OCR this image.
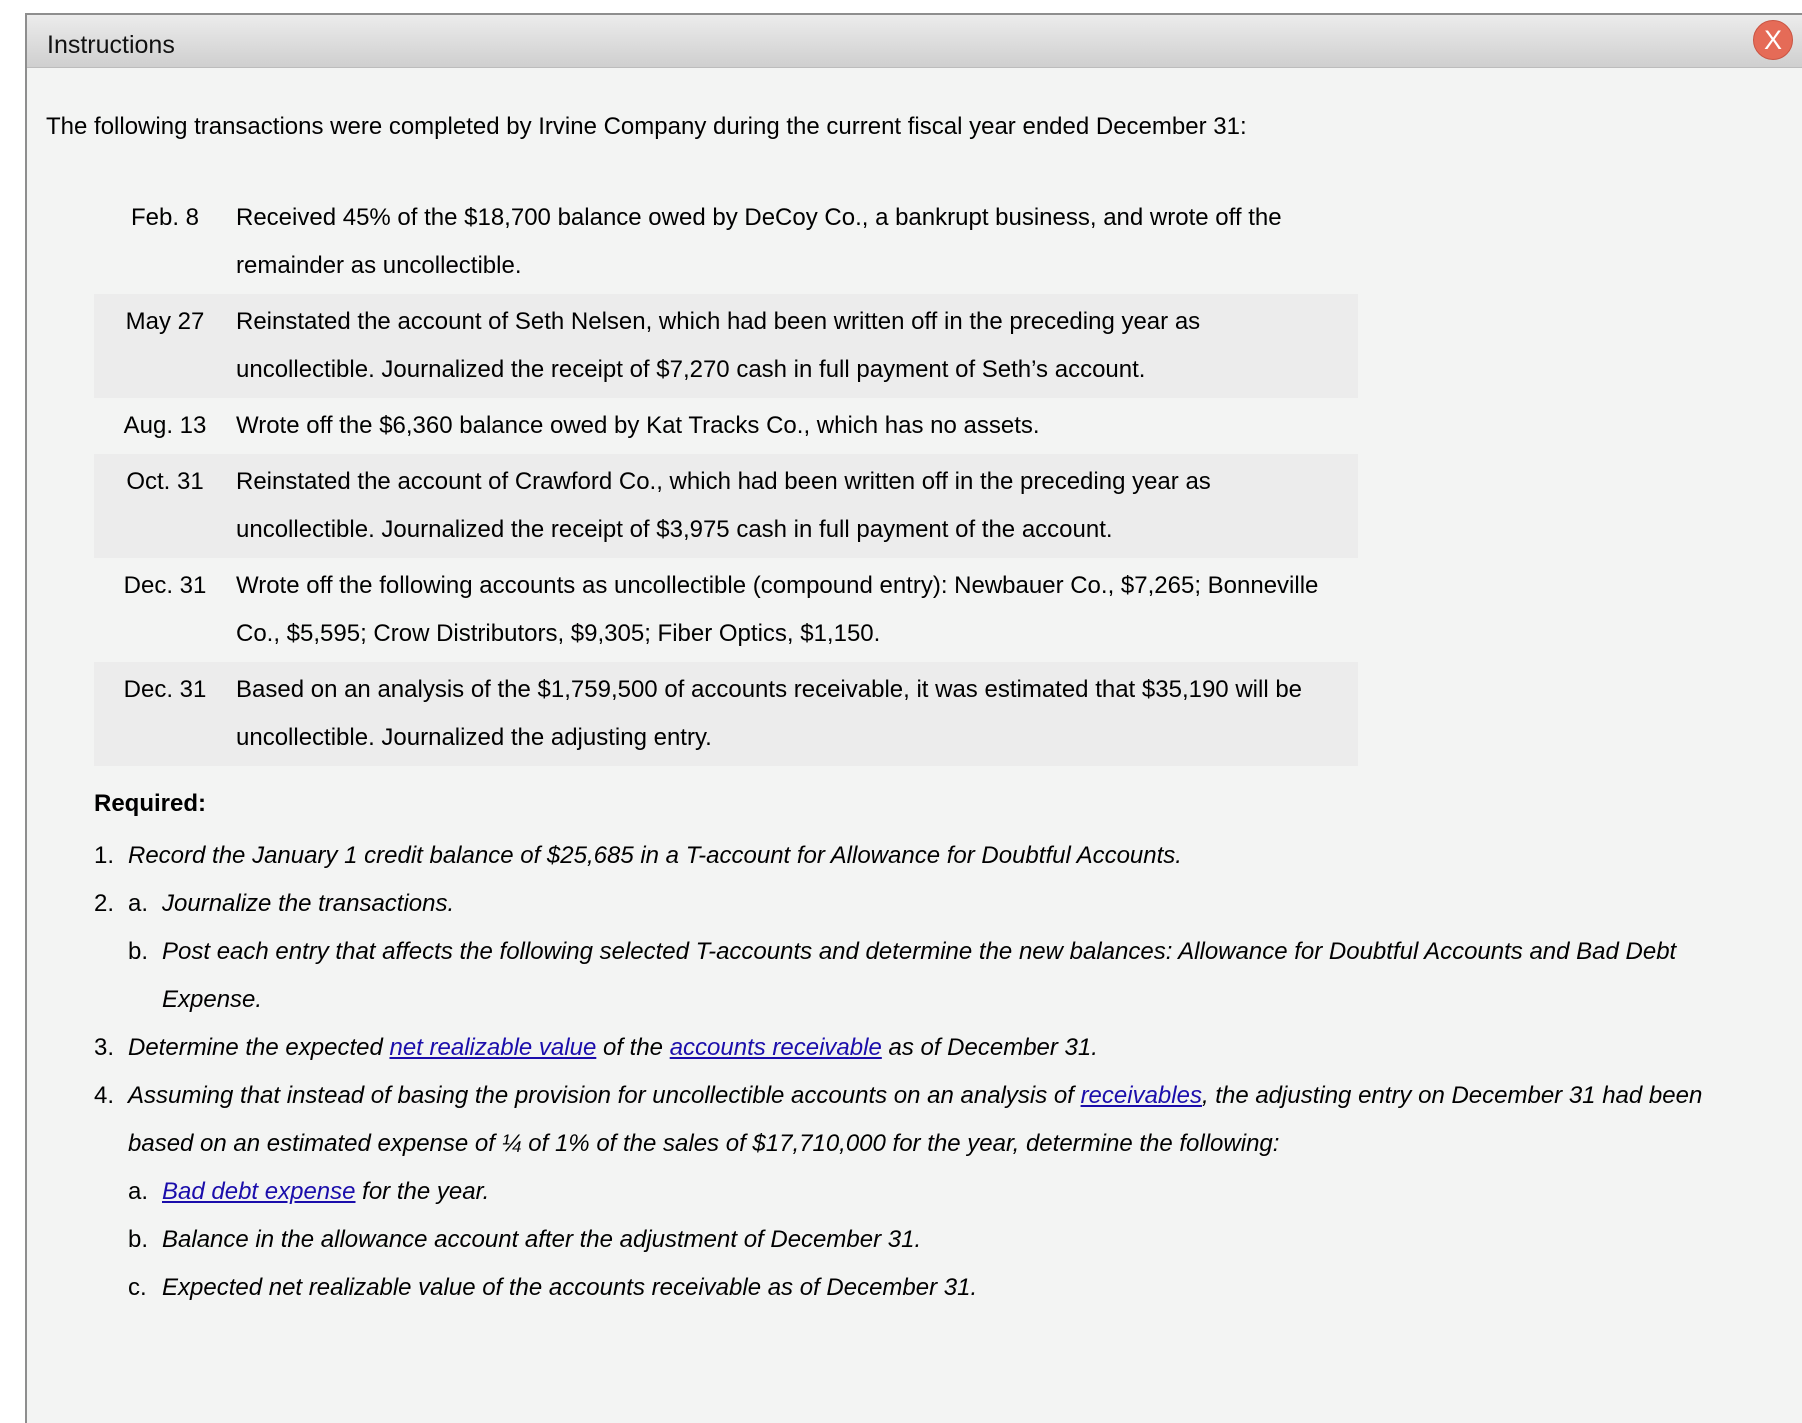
Instructions	X
The following transactions were completed by Irvine Company during the current fiscal year ended December 31:
Feb. 8	Received 45% of the $18,700 balance owed by DeCoy Co., a bankrupt business, and wrote off the remainder as uncollectible.
May 27	Reinstated the account of Seth Nelsen, which had been written off in the preceding year as uncollectible. Journalized the receipt of $7,270 cash in full payment of Seth’s account.
Aug. 13	Wrote off the $6,360 balance owed by Kat Tracks Co., which has no assets.
Oct. 31	Reinstated the account of Crawford Co., which had been written off in the preceding year as uncollectible. Journalized the receipt of $3,975 cash in full payment of the account.
Dec. 31	Wrote off the following accounts as uncollectible (compound entry): Newbauer Co., $7,265; Bonneville Co., $5,595; Crow Distributors, $9,305; Fiber Optics, $1,150.
Dec. 31	Based on an analysis of the $1,759,500 of accounts receivable, it was estimated that $35,190 will be uncollectible. Journalized the adjusting entry.
Required:
1. Record the January 1 credit balance of $25,685 in a T-account for Allowance for Doubtful Accounts.
2. a. Journalize the transactions.
b. Post each entry that affects the following selected T-accounts and determine the new balances: Allowance for Doubtful Accounts and Bad Debt Expense.
3. Determine the expected net realizable value of the accounts receivable as of December 31.
4. Assuming that instead of basing the provision for uncollectible accounts on an analysis of receivables, the adjusting entry on December 31 had been based on an estimated expense of ¼ of 1% of the sales of $17,710,000 for the year, determine the following:
a. Bad debt expense for the year.
b. Balance in the allowance account after the adjustment of December 31.
c. Expected net realizable value of the accounts receivable as of December 31.
